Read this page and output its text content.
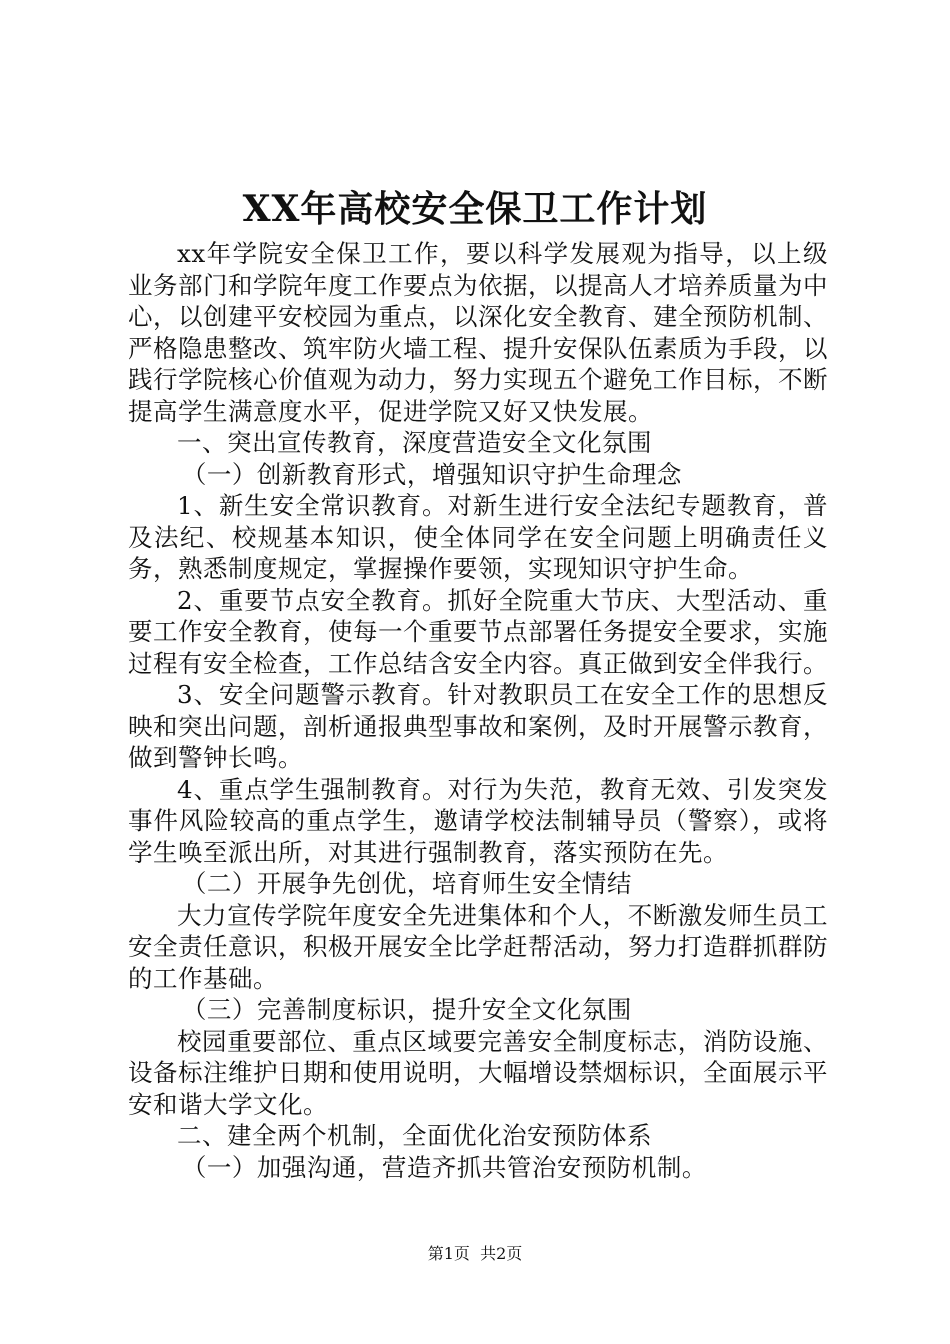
XX年高校安全保卫工作计划

xx年学院安全保卫工作，要以科学发展观为指导，以上级业务部门和学院年度工作要点为依据，以提高人才培养质量为中心，以创建平安校园为重点，以深化安全教育、建全预防机制、严格隐患整改、筑牢防火墙工程、提升安保队伍素质为手段，以践行学院核心价值观为动力，努力实现五个避免工作目标，不断提高学生满意度水平，促进学院又好又快发展。

一、突出宣传教育，深度营造安全文化氛围

（一）创新教育形式，增强知识守护生命理念

1、新生安全常识教育。对新生进行安全法纪专题教育，普及法纪、校规基本知识，使全体同学在安全问题上明确责任义务，熟悉制度规定，掌握操作要领，实现知识守护生命。

2、重要节点安全教育。抓好全院重大节庆、大型活动、重要工作安全教育，使每一个重要节点部署任务提安全要求，实施过程有安全检查，工作总结含安全内容。真正做到安全伴我行。

3、安全问题警示教育。针对教职员工在安全工作的思想反映和突出问题，剖析通报典型事故和案例，及时开展警示教育，做到警钟长鸣。

4、重点学生强制教育。对行为失范，教育无效、引发突发事件风险较高的重点学生，邀请学校法制辅导员（警察），或将学生唤至派出所，对其进行强制教育，落实预防在先。

（二）开展争先创优，培育师生安全情结

大力宣传学院年度安全先进集体和个人，不断激发师生员工安全责任意识，积极开展安全比学赶帮活动，努力打造群抓群防的工作基础。

（三）完善制度标识，提升安全文化氛围

校园重要部位、重点区域要完善安全制度标志，消防设施、设备标注维护日期和使用说明，大幅增设禁烟标识，全面展示平安和谐大学文化。

二、建全两个机制，全面优化治安预防体系

（一）加强沟通，营造齐抓共管治安预防机制。

第1页 共2页
